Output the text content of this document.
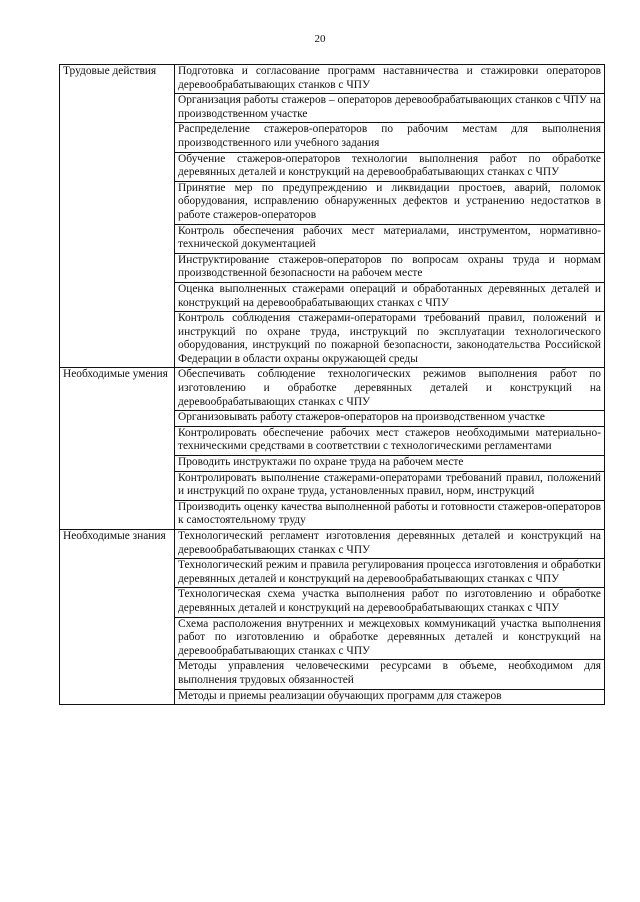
20
Трудовые действия	Подготовка и согласование программ наставничества и стажировки операторов деревообрабатывающих станков с ЧПУ
	Организация работы стажеров – операторов деревообрабатывающих станков с ЧПУ на производственном участке
	Распределение стажеров-операторов по рабочим местам для выполнения производственного или учебного задания
	Обучение стажеров-операторов технологии выполнения работ по обработке деревянных деталей и конструкций на деревообрабатывающих станках с ЧПУ
	Принятие мер по предупреждению и ликвидации простоев, аварий, поломок оборудования, исправлению обнаруженных дефектов и устранению недостатков в работе стажеров-операторов
	Контроль обеспечения рабочих мест материалами, инструментом, нормативно-технической документацией
	Инструктирование стажеров-операторов по вопросам охраны труда и нормам производственной безопасности на рабочем месте
	Оценка выполненных стажерами операций и обработанных деревянных деталей и конструкций на деревообрабатывающих станках с ЧПУ
	Контроль соблюдения стажерами-операторами требований правил, положений и инструкций по охране труда, инструкций по эксплуатации технологического оборудования, инструкций по пожарной безопасности, законодательства Российской Федерации в области охраны окружающей среды
Необходимые умения	Обеспечивать соблюдение технологических режимов выполнения работ по изготовлению и обработке деревянных деталей и конструкций на деревообрабатывающих станках с ЧПУ
	Организовывать работу стажеров-операторов на производственном участке
	Контролировать обеспечение рабочих мест стажеров необходимыми материально-техническими средствами в соответствии с технологическими регламентами
	Проводить инструктажи по охране труда на рабочем месте
	Контролировать выполнение стажерами-операторами требований правил, положений и инструкций по охране труда, установленных правил, норм, инструкций
	Производить оценку качества выполненной работы и готовности стажеров-операторов к самостоятельному труду
Необходимые знания	Технологический регламент изготовления деревянных деталей и конструкций на деревообрабатывающих станках с ЧПУ
	Технологический режим и правила регулирования процесса изготовления и обработки деревянных деталей и конструкций на деревообрабатывающих станках с ЧПУ
	Технологическая схема участка выполнения работ по изготовлению и обработке деревянных деталей и конструкций на деревообрабатывающих станках с ЧПУ
	Схема расположения внутренних и межцеховых коммуникаций участка выполнения работ по изготовлению и обработке деревянных деталей и конструкций на деревообрабатывающих станках с ЧПУ
	Методы управления человеческими ресурсами в объеме, необходимом для выполнения трудовых обязанностей
	Методы и приемы реализации обучающих программ для стажеров
